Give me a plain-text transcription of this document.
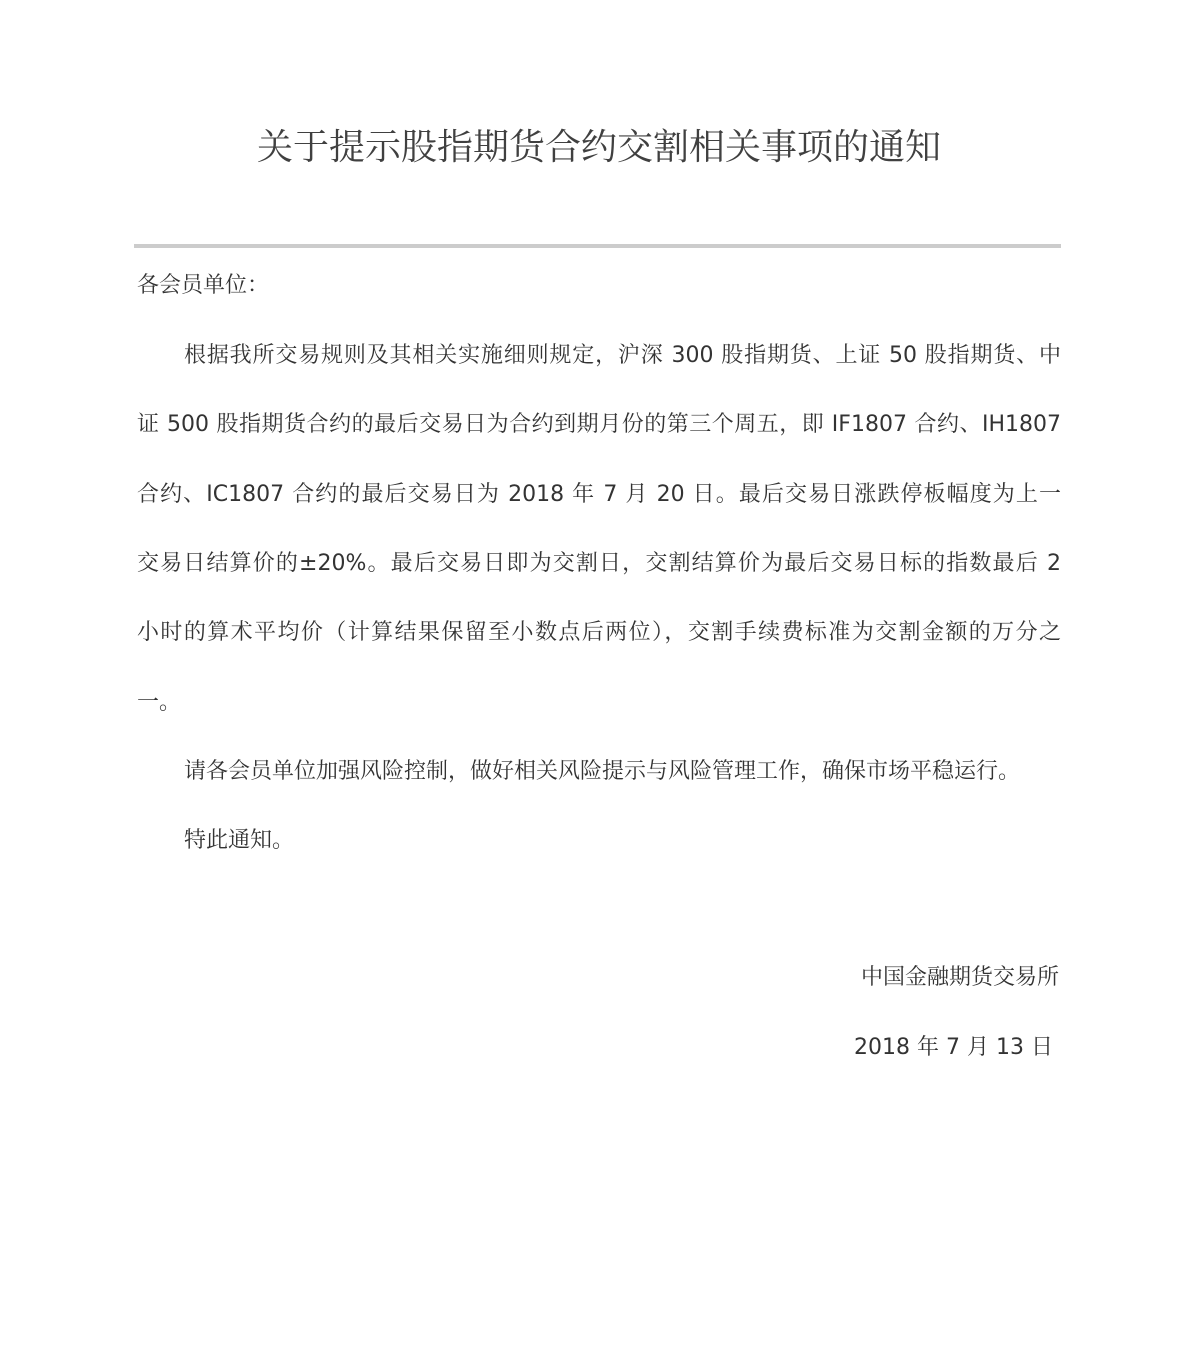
关于提示股指期货合约交割相关事项的通知
各会员单位：
根据我所交易规则及其相关实施细则规定，沪深 300 股指期货、上证 50 股指期货、中
证 500 股指期货合约的最后交易日为合约到期月份的第三个周五，即 IF1807 合约、IH1807
合约、IC1807 合约的最后交易日为 2018 年 7 月 20 日。最后交易日涨跌停板幅度为上一
交易日结算价的±20%。最后交易日即为交割日，交割结算价为最后交易日标的指数最后 2
小时的算术平均价（计算结果保留至小数点后两位），交割手续费标准为交割金额的万分之
一。
请各会员单位加强风险控制，做好相关风险提示与风险管理工作，确保市场平稳运行。
特此通知。
中国金融期货交易所
2018 年 7 月 13 日
